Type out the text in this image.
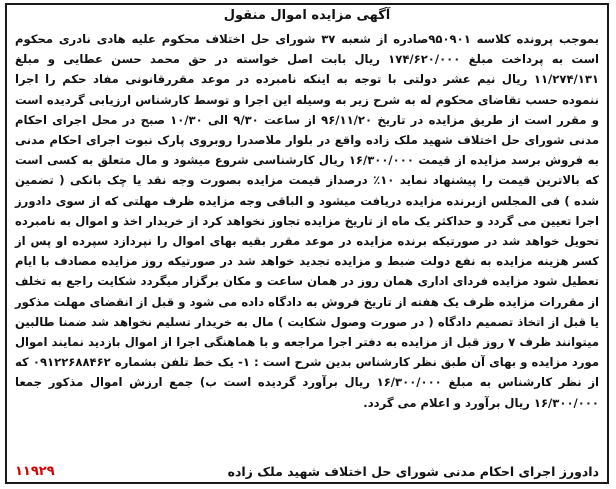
آگهی مزایده اموال منقول
بموجب پرونده کلاسه ۹۵۰۹۰۱صادره از شعبه ۳۷ شورای حل اختلاف محکوم علیه هادی نادری محکوم است به پرداخت مبلغ ۱۷۴/۶۲۰/۰۰۰ ریال بابت اصل خواسته در حق محمد حسن عطایی و مبلغ ۱۱/۲۷۴/۱۳۱ ریال نیم عشر دولتی با توجه به اینکه نامبرده در موعد مقررقانونی مفاد حکم را اجرا ننموده حسب تقاضای محکوم له به شرح زیر به وسیله این اجرا و توسط کارشناس ارزیابی گردیده است و مقرر است از طریق مزایده در تاریخ ۹۶/۱۱/۲۰ از ساعت ۹/۳۰ الی ۱۰/۳۰ صبح در محل اجرای احکام مدنی شورای حل اختلاف شهید ملک زاده واقع در بلوار ملاصدرا روبروی پارک نبوت اجرای احکام مدنی به فروش برسد مزایده از قیمت ۱۶/۳۰۰/۰۰۰ ریال کارشناسی شروع میشود و مال متعلق به کسی است که بالاترین قیمت را پیشنهاد نماید ۱۰٪ درصداز قیمت مزایده بصورت وجه نقد یا چک بانکی ( تضمین شده ) فی المجلس ازبرنده مزایده دریافت میشود و الباقی وجه مزایده ظرف مهلتی که از سوی دادورز اجرا تعیین می گردد و حداکثر یک ماه از تاریخ مزایده تجاوز نخواهد کرد از خریدار اخذ و اموال به نامبرده تحویل خواهد شد در صورتیکه برنده مزایده در موعد مقرر بقیه بهای اموال را نپردازد سپرده او پس از کسر هزینه مزایده به نفع دولت ضبط و مزایده تجدید خواهد شد در صورتیکه روز مزایده مصادف با ایام تعطیل شود مزایده فردای اداری همان روز در همان ساعت و مکان برگزار میگردد شکایت راجع به تخلف از مقررات مزایده ظرف یک هفته از تاریخ فروش به دادگاه داده می شود و قبل از انقضای مهلت مذکور یا قبل از اتخاذ تصمیم دادگاه ( در صورت وصول شکایت ) مال به خریدار تسلیم نخواهد شد ضمنا طالبین میتوانند ظرف ۷ روز قبل از مزایده به دفتر اجرا مراجعه و با هماهنگی اجرا از اموال بازدید نمایند اموال مورد مزایده و بهای آن طبق نظر کارشناس بدین شرح است : ۱- یک خط تلفن بشماره ۰۹۱۲۲۶۸۸۴۶۲ که از نظر کارشناس به مبلغ ۱۶/۳۰۰/۰۰۰ ریال برآورد گردیده است ب) جمع ارزش اموال مذکور جمعا ۱۶/۳۰۰/۰۰۰ ریال برآورد و اعلام می گردد.
دادورز اجرای احکام مدنی شورای حل اختلاف شهید ملک زاده
۱۱۹۲۹
